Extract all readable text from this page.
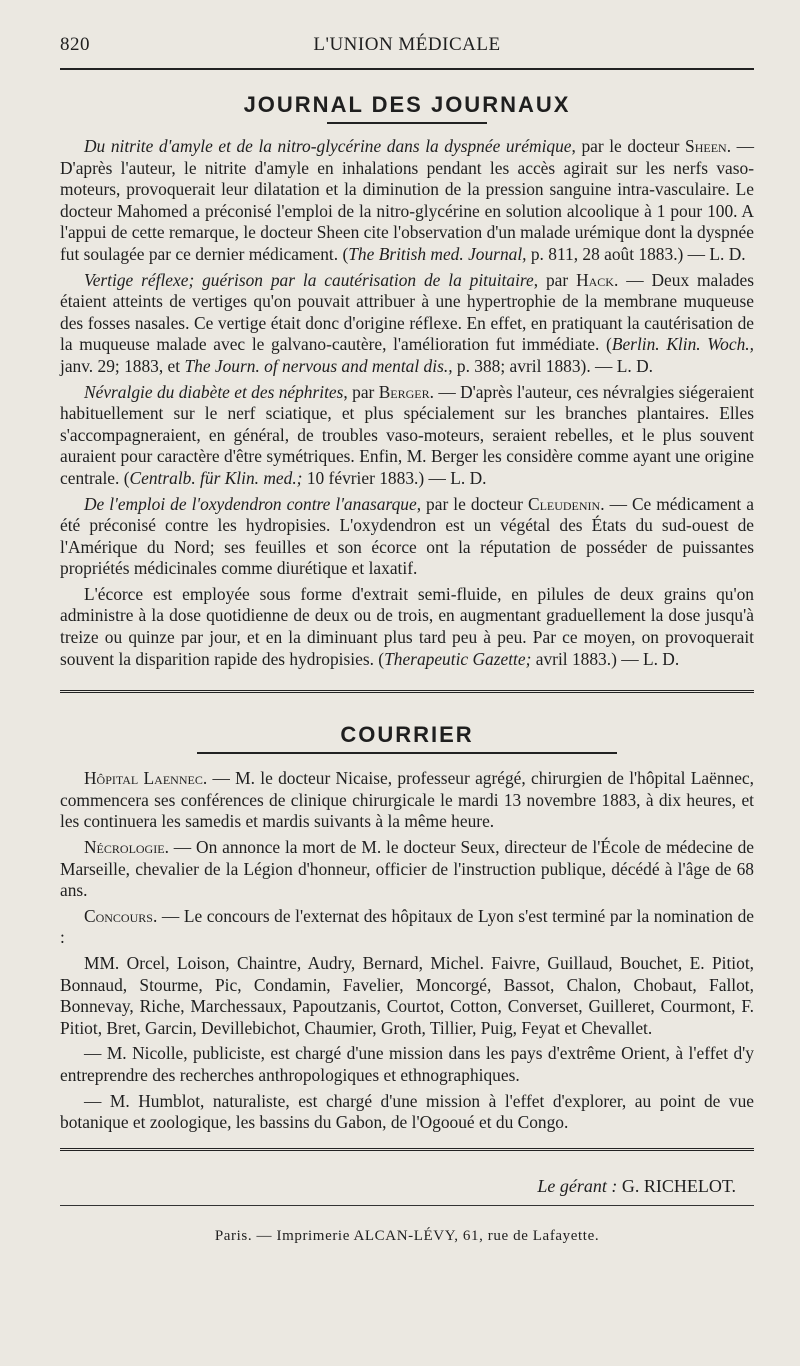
820	L'UNION MÉDICALE
JOURNAL DES JOURNAUX

Du nitrite d'amyle et de la nitro-glycérine dans la dyspnée urémique, par le docteur Sheen. — D'après l'auteur, le nitrite d'amyle en inhalations pendant les accès agirait sur les nerfs vaso-moteurs, provoquerait leur dilatation et la diminution de la pression sanguine intra-vasculaire. Le docteur Mahomed a préconisé l'emploi de la nitro-glycérine en solution alcoolique à 1 pour 100. A l'appui de cette remarque, le docteur Sheen cite l'observation d'un malade urémique dont la dyspnée fut soulagée par ce dernier médicament. (The British med. Journal, p. 811, 28 août 1883.) — L. D.

Vertige réflexe; guérison par la cautérisation de la pituitaire, par Hack. — Deux malades étaient atteints de vertiges qu'on pouvait attribuer à une hypertrophie de la membrane muqueuse des fosses nasales. Ce vertige était donc d'origine réflexe. En effet, en pratiquant la cautérisation de la muqueuse malade avec le galvano-cautère, l'amélioration fut immédiate. (Berlin. Klin. Woch., janv. 29; 1883, et The Journ. of nervous and mental dis., p. 388; avril 1883). — L. D.

Névralgie du diabète et des néphrites, par Berger. — D'après l'auteur, ces névralgies siégeraient habituellement sur le nerf sciatique, et plus spécialement sur les branches plantaires. Elles s'accompagneraient, en général, de troubles vaso-moteurs, seraient rebelles, et le plus souvent auraient pour caractère d'être symétriques. Enfin, M. Berger les considère comme ayant une origine centrale. (Centralb. für Klin. med.; 10 février 1883.) — L. D.

De l'emploi de l'oxydendron contre l'anasarque, par le docteur Cleudenin. — Ce médicament a été préconisé contre les hydropisies. L'oxydendron est un végétal des États du sud-ouest de l'Amérique du Nord; ses feuilles et son écorce ont la réputation de posséder de puissantes propriétés médicinales comme diurétique et laxatif.

L'écorce est employée sous forme d'extrait semi-fluide, en pilules de deux grains qu'on administre à la dose quotidienne de deux ou de trois, en augmentant graduellement la dose jusqu'à treize ou quinze par jour, et en la diminuant plus tard peu à peu. Par ce moyen, on provoquerait souvent la disparition rapide des hydropisies. (Therapeutic Gazette; avril 1883.) — L. D.

COURRIER

Hôpital Laennec. — M. le docteur Nicaise, professeur agrégé, chirurgien de l'hôpital Laënnec, commencera ses conférences de clinique chirurgicale le mardi 13 novembre 1883, à dix heures, et les continuera les samedis et mardis suivants à la même heure.

Nécrologie. — On annonce la mort de M. le docteur Seux, directeur de l'École de médecine de Marseille, chevalier de la Légion d'honneur, officier de l'instruction publique, décédé à l'âge de 68 ans.

Concours. — Le concours de l'externat des hôpitaux de Lyon s'est terminé par la nomination de :

MM. Orcel, Loison, Chaintre, Audry, Bernard, Michel. Faivre, Guillaud, Bouchet, E. Pitiot, Bonnaud, Stourme, Pic, Condamin, Favelier, Moncorgé, Bassot, Chalon, Chobaut, Fallot, Bonnevay, Riche, Marchessaux, Papoutzanis, Courtot, Cotton, Converset, Guilleret, Courmont, F. Pitiot, Bret, Garcin, Devillebichot, Chaumier, Groth, Tillier, Puig, Feyat et Chevallet.

— M. Nicolle, publiciste, est chargé d'une mission dans les pays d'extrême Orient, à l'effet d'y entreprendre des recherches anthropologiques et ethnographiques.

— M. Humblot, naturaliste, est chargé d'une mission à l'effet d'explorer, au point de vue botanique et zoologique, les bassins du Gabon, de l'Ogooué et du Congo.

Le gérant : G. RICHELOT.
Paris. — Imprimerie ALCAN-LÉVY, 61, rue de Lafayette.
